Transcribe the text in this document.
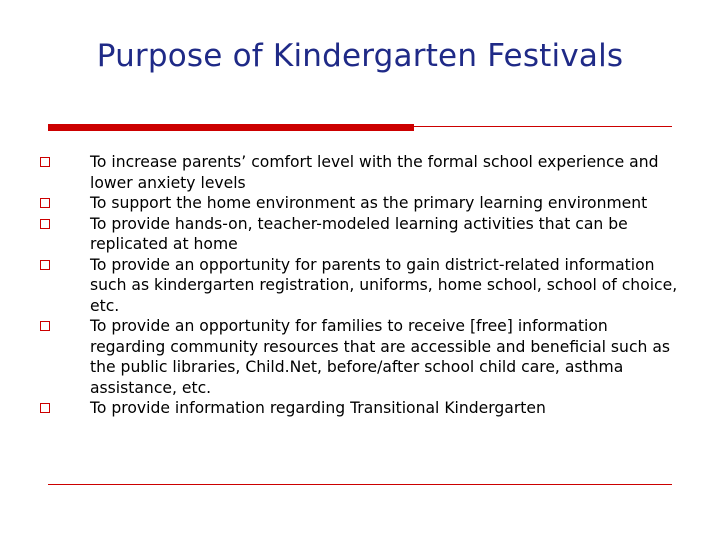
Purpose of Kindergarten Festivals
To increase parents’ comfort level with the formal school experience and lower anxiety levels
To support the home environment as the primary learning environment
To provide hands-on, teacher-modeled learning activities that can be replicated at home
To provide an opportunity for parents to gain district-related information such as kindergarten registration, uniforms, home school, school of choice, etc.
To provide an opportunity for families to receive [free] information regarding community resources that are accessible and beneficial such as the public libraries, Child.Net, before/after school child care, asthma assistance, etc.
To provide information regarding Transitional Kindergarten
